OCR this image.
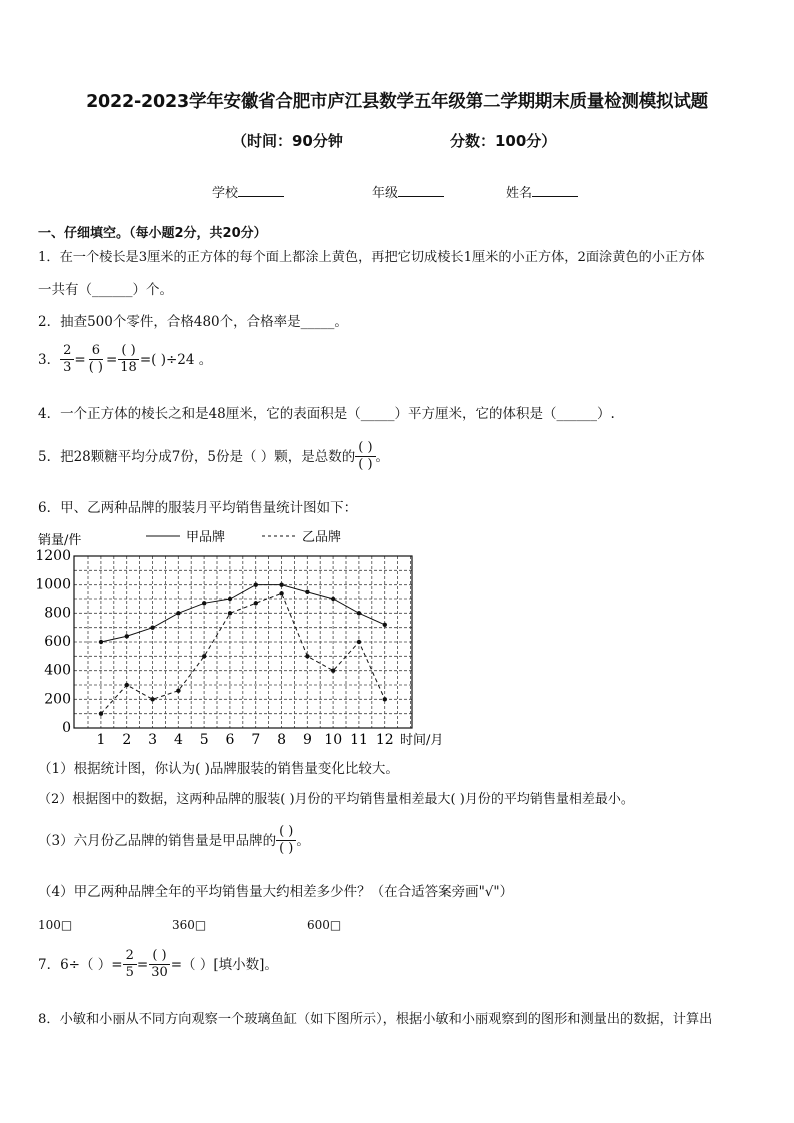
2022-2023学年安徽省合肥市庐江县数学五年级第二学期期末质量检测模拟试题
（时间：90分钟	分数：100分）
学校	年级	姓名
一、仔细填空。（每小题2分，共20分）
1．在一个棱长是3厘米的正方体的每个面上都涂上黄色，再把它切成棱长1厘米的小正方体，2面涂黄色的小正方体
一共有（______）个。
2．抽查500个零件，合格480个，合格率是_____。
3． $\frac{2}{3} = \frac{6}{( )} = \frac{( )}{18}$ =( )÷24 。
4．一个正方体的棱长之和是48厘米，它的表面积是（_____）平方厘米，它的体积是（______）.
5．把28颗糖平均分成7份，5份是（ ）颗，是总数的 $\frac{( )}{( )}$ 。
6．甲、乙两种品牌的服装月平均销售量统计图如下：
销量/件	甲品牌	乙品牌
0
200
400
600
800
1000
1200
1 2 3 4 5 6 7 8 9 10 11 12 时间/月
（1）根据统计图，你认为( )品牌服装的销售量变化比较大。
（2）根据图中的数据，这两种品牌的服装( )月份的平均销售量相差最大( )月份的平均销售量相差最小。
（3）六月份乙品牌的销售量是甲品牌的 $\frac{( )}{( )}$ 。
（4）甲乙两种品牌全年的平均销售量大约相差多少件？（在合适答案旁画"√"）
100□	360□	600□
7．6÷（ ）= $\frac{2}{5} = \frac{( )}{30}$ =（ ）[填小数]。
8．小敏和小丽从不同方向观察一个玻璃鱼缸（如下图所示），根据小敏和小丽观察到的图形和测量出的数据，计算出
